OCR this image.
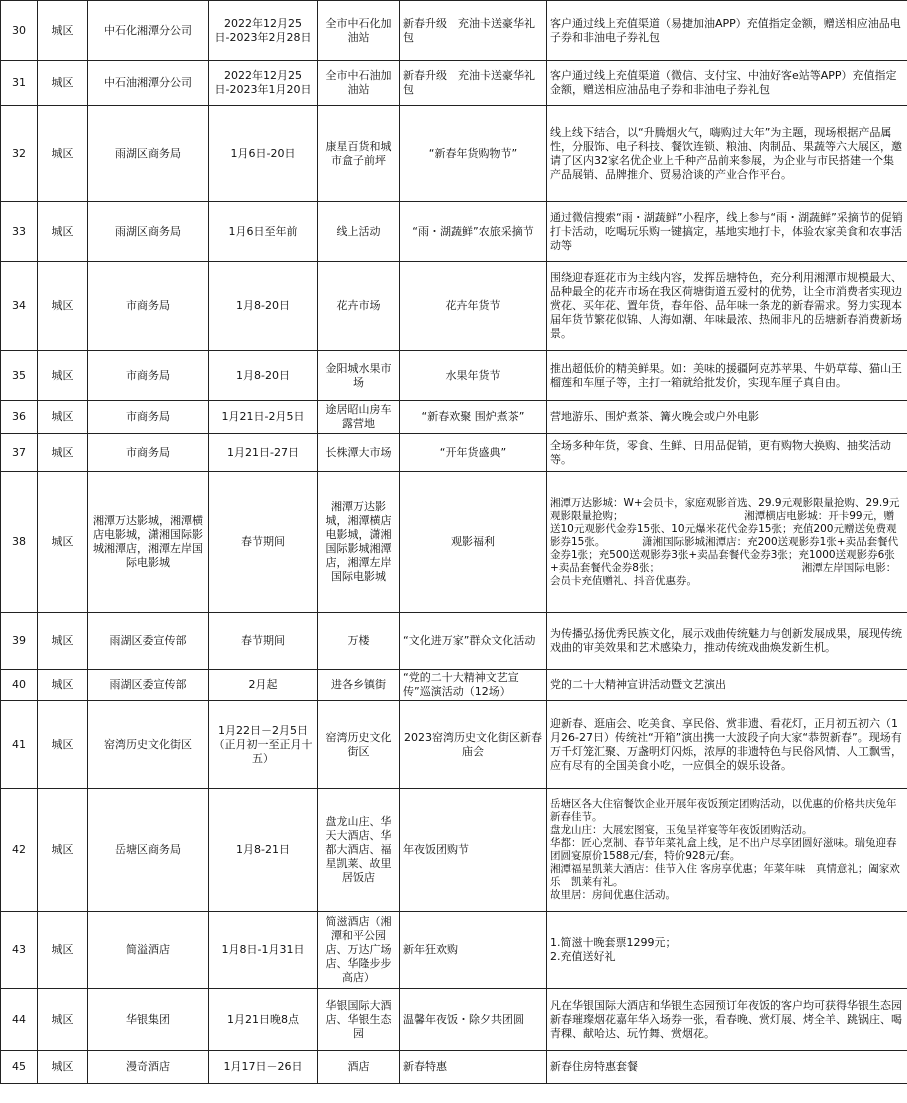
30	城区	中石化湘潭分公司	2022年12月25日-2023年2月28日	全市中石化加油站	新春升级　充油卡送豪华礼包	客户通过线上充值渠道（易捷加油APP）充值指定金额，赠送相应油品电子券和非油电子券礼包
31	城区	中石油湘潭分公司	2022年12月25日-2023年1月20日	全市中石油加油站	新春升级　充油卡送豪华礼包	客户通过线上充值渠道（微信、支付宝、中油好客e站等APP）充值指定金额，赠送相应油品电子券和非油电子券礼包
32	城区	雨湖区商务局	1月6日-20日	康星百货和城市盒子前坪	“新春年货购物节”	线上线下结合，以“升腾烟火气，嗨购过大年”为主题，现场根据产品属性，分服饰、电子科技、餐饮连锁、粮油、肉制品、果蔬等六大展区，邀请了区内32家名优企业上千种产品前来参展，为企业与市民搭建一个集产品展销、品牌推介、贸易洽谈的产业合作平台。
33	城区	雨湖区商务局	1月6日至年前	线上活动	“雨・湖蔬鲜”农旅采摘节	通过微信搜索“雨・湖蔬鲜”小程序，线上参与“雨・湖蔬鲜”采摘节的促销打卡活动，吃喝玩乐购一键搞定，基地实地打卡，体验农家美食和农事活动等
34	城区	市商务局	1月8-20日	花卉市场	花卉年货节	围绕迎春逛花市为主线内容，发挥岳塘特色，充分利用湘潭市规模最大、品种最全的花卉市场在我区荷塘街道五爱村的优势，让全市消费者实现边赏花、买年花、置年货，春年俗、品年味一条龙的新春需求。努力实现本届年货节繁花似锦、人海如潮、年味最浓、热闹非凡的岳塘新春消费新场景。
35	城区	市商务局	1月8-20日	金阳城水果市场	水果年货节	推出超低价的精美鲜果。如：美味的援疆阿克苏苹果、牛奶草莓、猫山王榴莲和车厘子等，主打一箱就给批发价，实现车厘子真自由。
36	城区	市商务局	1月21日-2月5日	途居昭山房车露营地	“新春欢聚 围炉煮茶”	营地游乐、围炉煮茶、篝火晚会或户外电影
37	城区	市商务局	1月21日-27日	长株潭大市场	“开年货盛典”	全场多种年货，零食、生鲜、日用品促销，更有购物大换购、抽奖活动等。
38	城区	湘潭万达影城，湘潭横店电影城，潇湘国际影城湘潭店，湘潭左岸国际电影城	春节期间	湘潭万达影城，湘潭横店电影城，潇湘国际影城湘潭店，湘潭左岸国际电影城	观影福利	湘潭万达影城：W+会员卡，家庭观影首选、29.9元观影限量抢购、29.9元观影限量抢购；　　　　　　　　　　　　湘潭横店电影城：开卡99元，赠送10元观影代金券15张、10元爆米花代金券15张；充值200元赠送免费观影券15张。　　　　潇湘国际影城湘潭店：充200送观影券1张+卖品套餐代金券1张；充500送观影券3张+卖品套餐代金券3张；充1000送观影券6张+卖品套餐代金券8张；　　　　　　　　　　　　　　湘潭左岸国际电影：会员卡充值赠礼、抖音优惠券。
39	城区	雨湖区委宣传部	春节期间	万楼	“文化进万家”群众文化活动	为传播弘扬优秀民族文化，展示戏曲传统魅力与创新发展成果，展现传统戏曲的审美效果和艺术感染力，推动传统戏曲焕发新生机。
40	城区	雨湖区委宣传部	2月起	进各乡镇街	“党的二十大精神文艺宣传”巡演活动（12场）	党的二十大精神宣讲活动暨文艺演出
41	城区	窑湾历史文化街区	1月22日－2月5日（正月初一至正月十五）	窑湾历史文化街区	2023窑湾历史文化街区新春庙会	迎新春、逛庙会、吃美食、享民俗、赏非遗、看花灯，正月初五初六（1月26-27日）传统社“开箱”演出携一大波段子向大家“恭贺新春”。现场有万千灯笼汇聚、万盏明灯闪烁，浓厚的非遗特色与民俗风情、人工飘雪，应有尽有的全国美食小吃，一应俱全的娱乐设备。
42	城区	岳塘区商务局	1月8-21日	盘龙山庄、华天大酒店、华都大酒店、福星凯莱、故里居饭店	年夜饭团购节	岳塘区各大住宿餐饮企业开展年夜饭预定团购活动，以优惠的价格共庆兔年新春佳节。
盘龙山庄：大展宏图宴，玉兔呈祥宴等年夜饭团购活动。
华都：匠心烹制、春节年菜礼盒上线，足不出户尽享团圆好滋味。瑞兔迎春团圆宴原价1588元/套，特价928元/套。
湘潭福星凯莱大酒店：佳节入住 客房享优惠；年菜年味　真情意礼；阖家欢乐　凯莱有礼。
故里居：房间优惠住活动。
43	城区	简溢酒店	1月8日-1月31日	简滋酒店（湘潭和平公园店、万达广场店、华隆步步高店）	新年狂欢购	1.简滋十晚套票1299元；
2.充值送好礼
44	城区	华银集团	1月21日晚8点	华银国际大酒店、华银生态园	温馨年夜饭・除夕共团圆	凡在华银国际大酒店和华银生态园预订年夜饭的客户均可获得华银生态园新春璀璨烟花嘉年华入场券一张，看春晚、赏灯展、烤全羊、跳锅庄、喝青稞、献哈达、玩竹舞、赏烟花。
45	城区	漫奇酒店	1月17日－26日	酒店	新春特惠	新春住房特惠套餐
